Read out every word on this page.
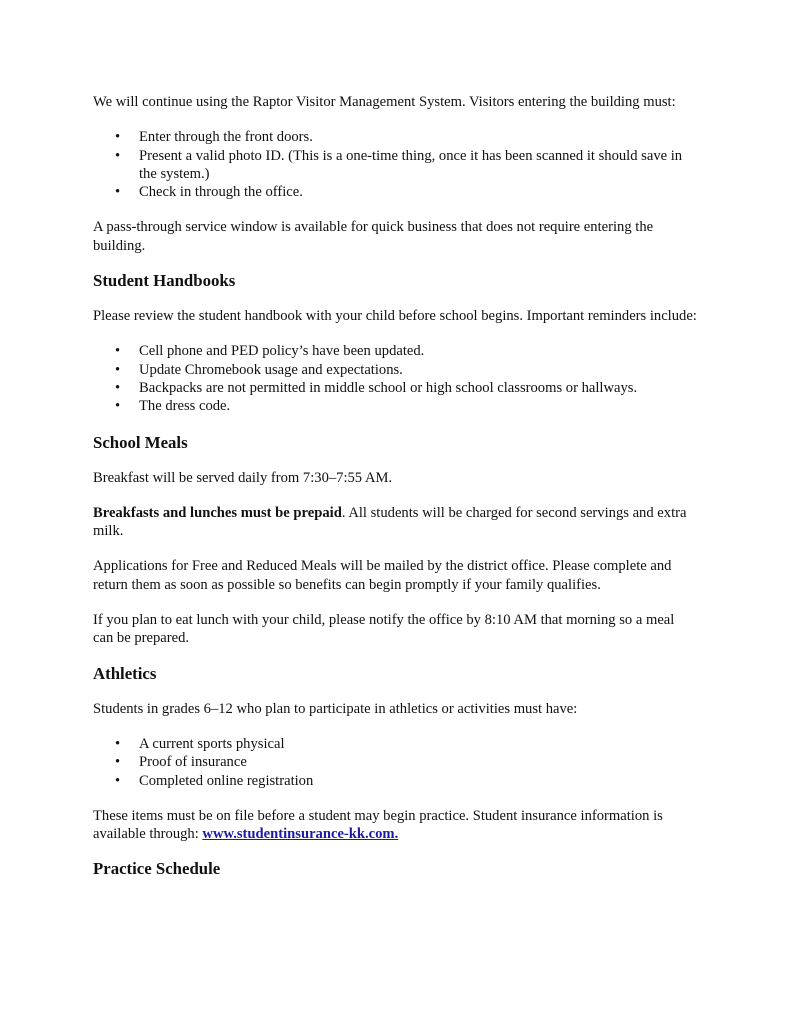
We will continue using the Raptor Visitor Management System. Visitors entering the building must:

• Enter through the front doors.
• Present a valid photo ID. (This is a one-time thing, once it has been scanned it should save in the system.)
• Check in through the office.

A pass-through service window is available for quick business that does not require entering the building.

Student Handbooks

Please review the student handbook with your child before school begins. Important reminders include:

• Cell phone and PED policy’s have been updated.
• Update Chromebook usage and expectations.
• Backpacks are not permitted in middle school or high school classrooms or hallways.
• The dress code.
School Meals

Breakfast will be served daily from 7:30–7:55 AM.

Breakfasts and lunches must be prepaid. All students will be charged for second servings and extra milk.

Applications for Free and Reduced Meals will be mailed by the district office. Please complete and return them as soon as possible so benefits can begin promptly if your family qualifies.

If you plan to eat lunch with your child, please notify the office by 8:10 AM that morning so a meal can be prepared.

Athletics

Students in grades 6–12 who plan to participate in athletics or activities must have:

• A current sports physical
• Proof of insurance
• Completed online registration

These items must be on file before a student may begin practice. Student insurance information is available through: www.studentinsurance-kk.com.

Practice Schedule
